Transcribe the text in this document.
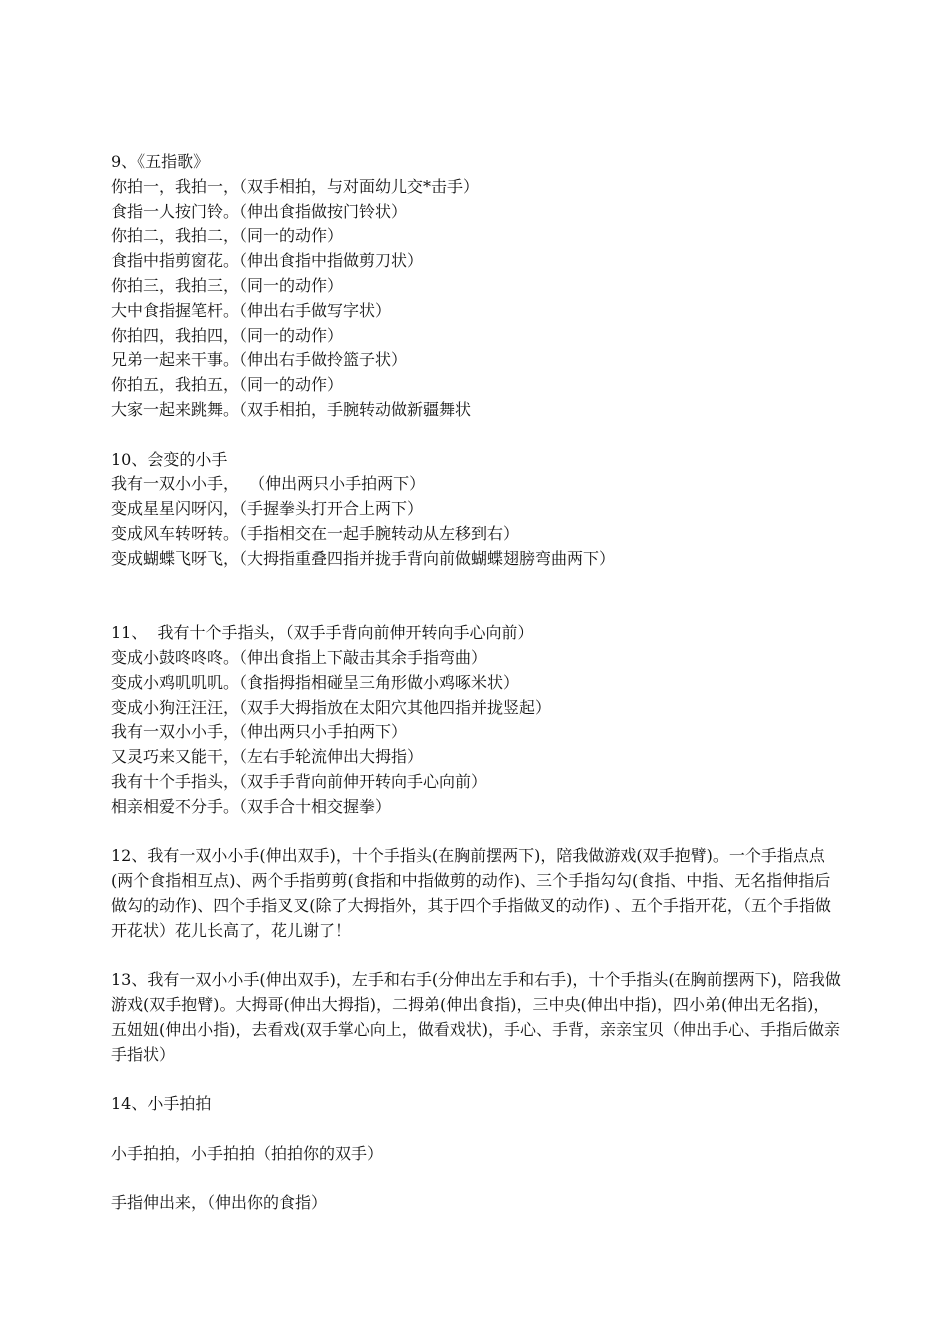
9、《五指歌》

你拍一，我拍一，（双手相拍，与对面幼儿交*击手）

食指一人按门铃。（伸出食指做按门铃状）

你拍二，我拍二，（同一的动作）

食指中指剪窗花。（伸出食指中指做剪刀状）

你拍三，我拍三，（同一的动作）

大中食指握笔杆。（伸出右手做写字状）

你拍四，我拍四，（同一的动作）

兄弟一起来干事。（伸出右手做拎篮子状）

你拍五，我拍五，（同一的动作）

大家一起来跳舞。（双手相拍，手腕转动做新疆舞状

10、会变的小手

我有一双小小手，  （伸出两只小手拍两下）

变成星星闪呀闪，（手握拳头打开合上两下）

变成风车转呀转。（手指相交在一起手腕转动从左移到右）

变成蝴蝶飞呀飞，（大拇指重叠四指并拢手背向前做蝴蝶翅膀弯曲两下）

11、  我有十个手指头，（双手手背向前伸开转向手心向前）

变成小鼓咚咚咚。（伸出食指上下敲击其余手指弯曲）

变成小鸡叽叽叽。（食指拇指相碰呈三角形做小鸡啄米状）

变成小狗汪汪汪，（双手大拇指放在太阳穴其他四指并拢竖起）

我有一双小小手，（伸出两只小手拍两下）

又灵巧来又能干，（左右手轮流伸出大拇指）

我有十个手指头，（双手手背向前伸开转向手心向前）

相亲相爱不分手。（双手合十相交握拳）

12、我有一双小小手(伸出双手)，十个手指头(在胸前摆两下)，陪我做游戏(双手抱臂)。一个手指点点(两个食指相互点)、两个手指剪剪(食指和中指做剪的动作)、三个手指勾勾(食指、中指、无名指伸指后做勾的动作)、四个手指叉叉(除了大拇指外，其于四个手指做叉的动作) 、五个手指开花，（五个手指做开花状）花儿长高了，花儿谢了！

13、我有一双小小手(伸出双手)，左手和右手(分伸出左手和右手)，十个手指头(在胸前摆两下)，陪我做游戏(双手抱臂)。大拇哥(伸出大拇指)，二拇弟(伸出食指)，三中央(伸出中指)，四小弟(伸出无名指)，五妞妞(伸出小指)，去看戏(双手掌心向上，做看戏状)，手心、手背，亲亲宝贝（伸出手心、手指后做亲手指状）

14、小手拍拍

小手拍拍，小手拍拍（拍拍你的双手）

手指伸出来，（伸出你的食指）
